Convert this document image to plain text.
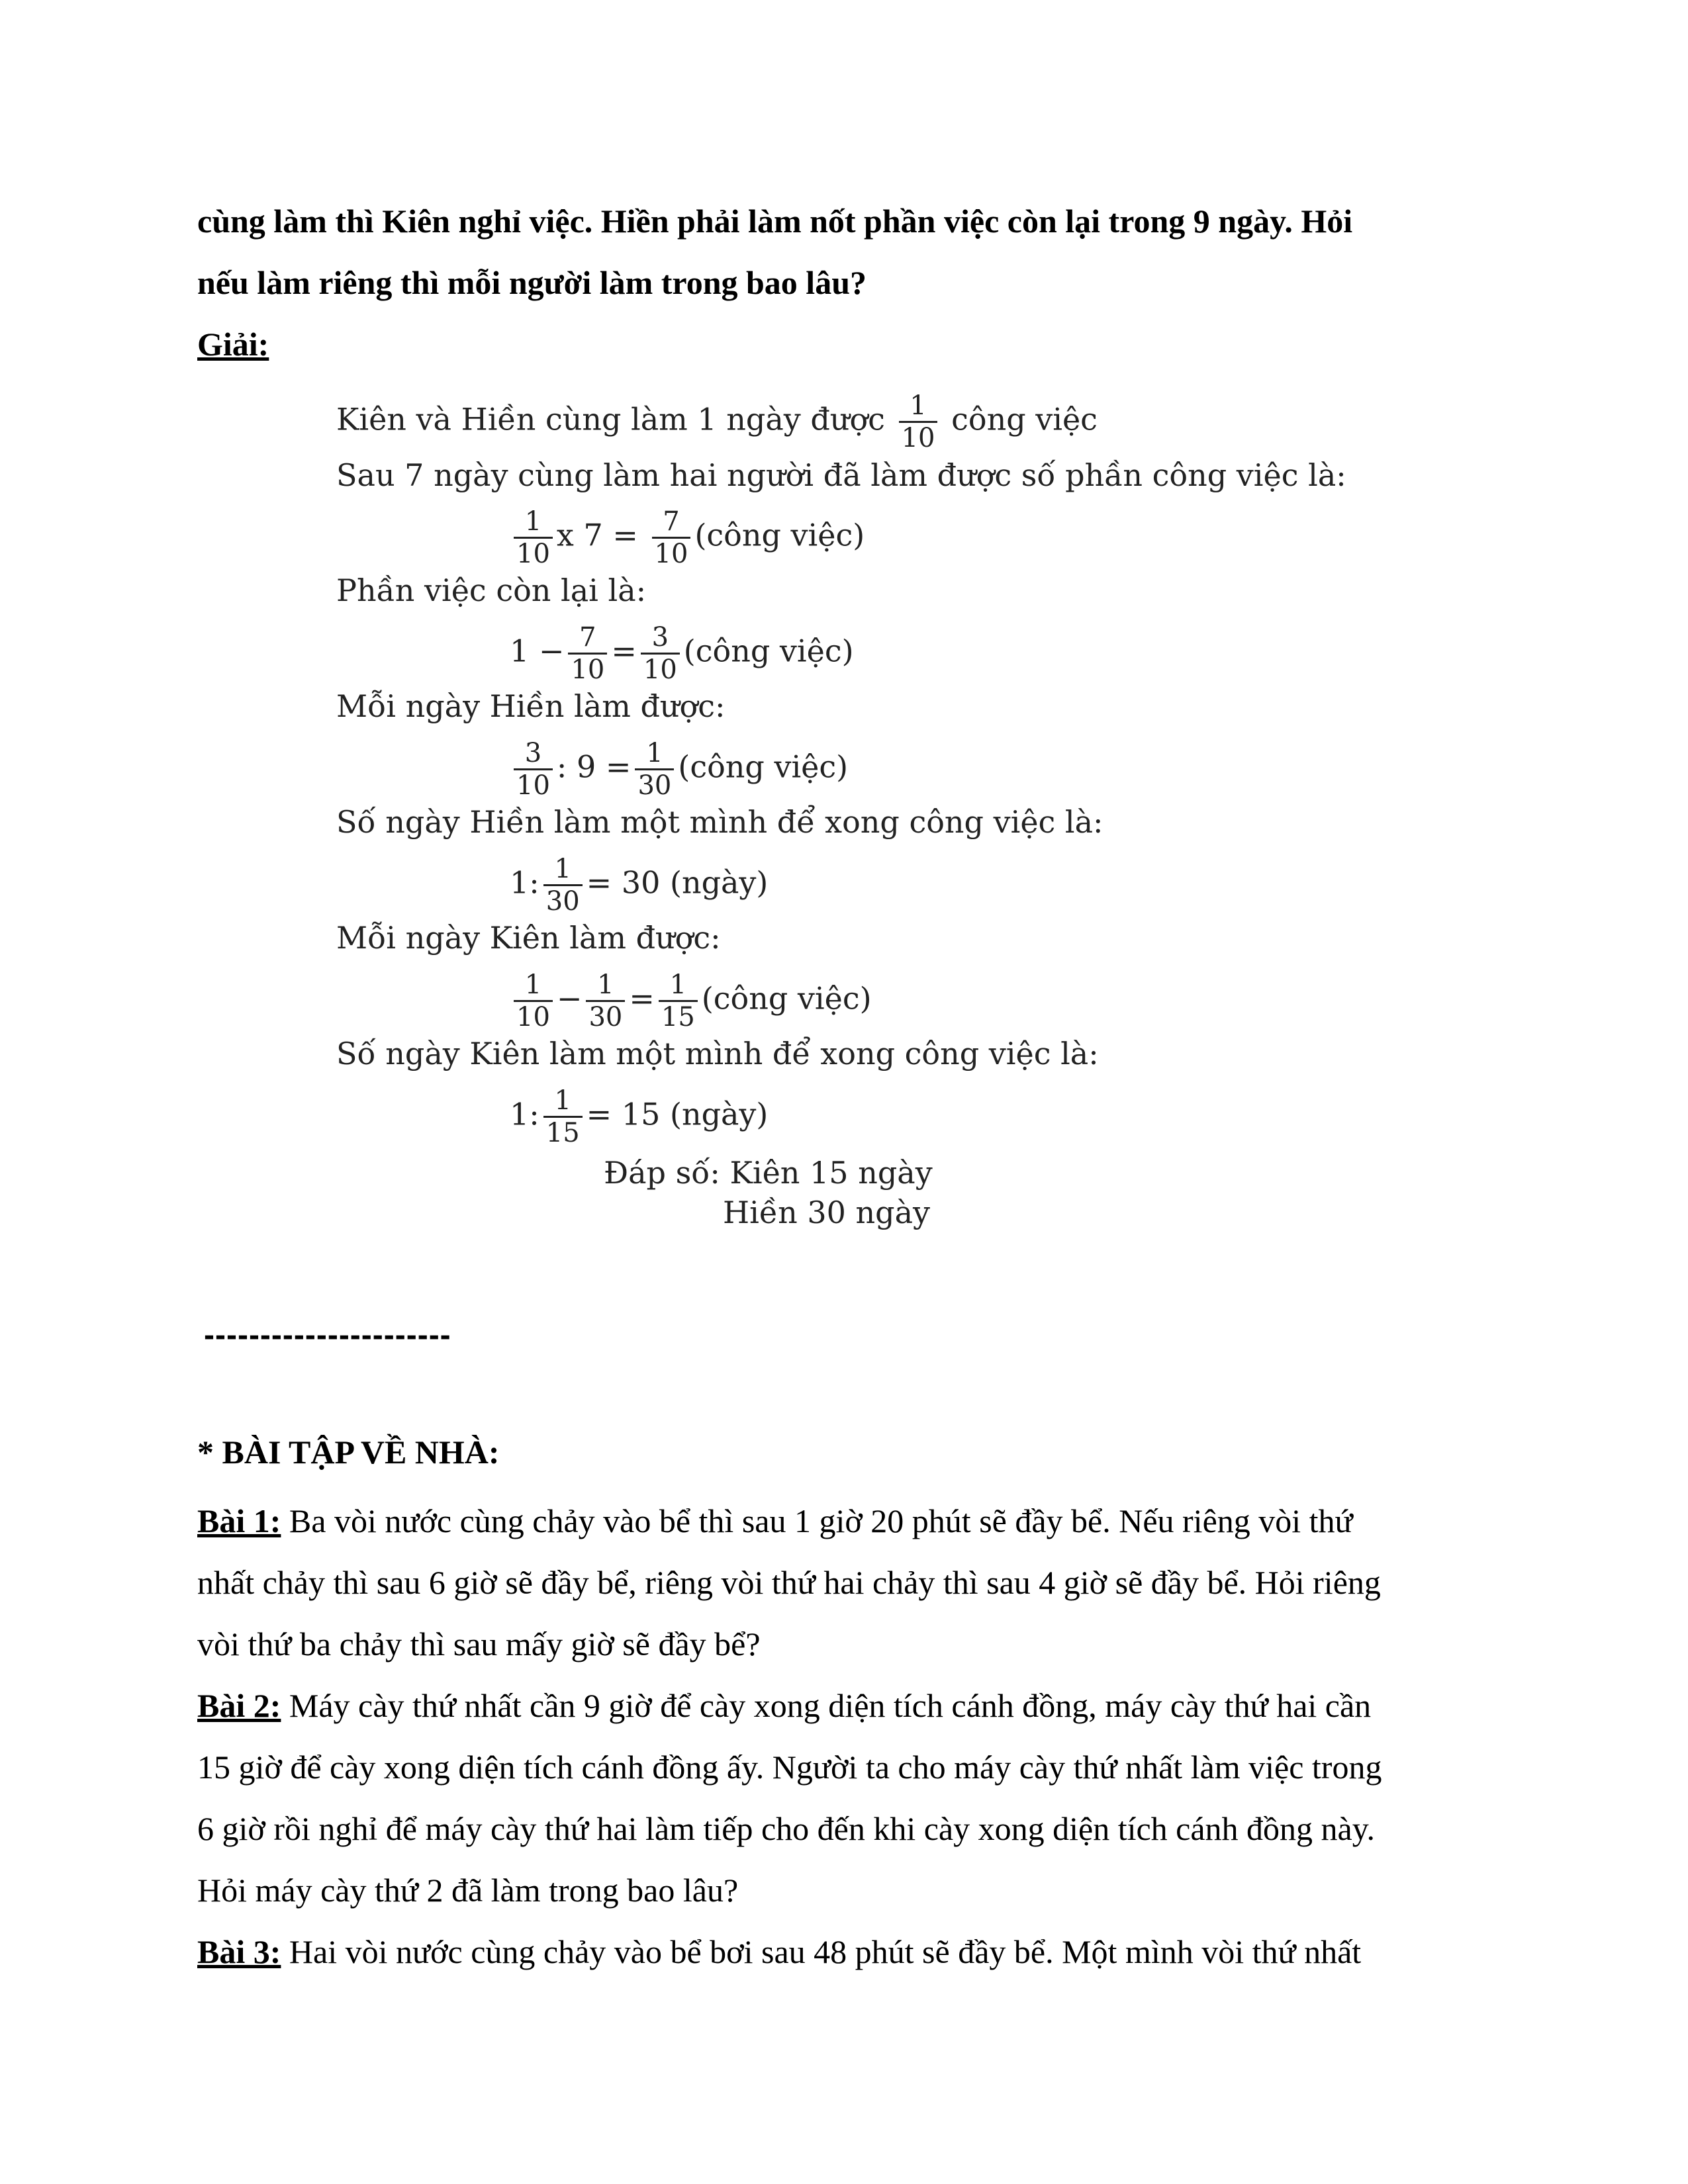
cùng làm thì Kiên nghỉ việc. Hiền phải làm nốt phần việc còn lại trong 9 ngày. Hỏi
nếu làm riêng thì mỗi người làm trong bao lâu?
Giải:
Kiên và Hiền cùng làm 1 ngày được $\frac{1}{10}$ công việc
Sau 7 ngày cùng làm hai người đã làm được số phần công việc là:
$\frac{1}{10}$ x $7 = \frac{7}{10}$ (công việc)
Phần việc còn lại là:
$1 - \frac{7}{10} = \frac{3}{10}$ (công việc)
Mỗi ngày Hiền làm được:
$\frac{3}{10}$ : $9 = \frac{1}{30}$ (công việc)
Số ngày Hiền làm một mình để xong công việc là:
1: $\frac{1}{30} = 30$ (ngày)
Mỗi ngày Kiên làm được:
$\frac{1}{10} - \frac{1}{30} = \frac{1}{15}$ (công việc)
Số ngày Kiên làm một mình để xong công việc là:
1: $\frac{1}{15} = 15$ (ngày)
Đáp số: Kiên 15 ngày
Hiền 30 ngày
----------------------
* BÀI TẬP VỀ NHÀ:
Bài 1: Ba vòi nước cùng chảy vào bể thì sau 1 giờ 20 phút sẽ đầy bể. Nếu riêng vòi thứ
nhất chảy thì sau 6 giờ sẽ đầy bể, riêng vòi thứ hai chảy thì sau 4 giờ sẽ đầy bể. Hỏi riêng
vòi thứ ba chảy thì sau mấy giờ sẽ đầy bể?
Bài 2: Máy cày thứ nhất cần 9 giờ để cày xong diện tích cánh đồng, máy cày thứ hai cần
15 giờ để cày xong diện tích cánh đồng ấy. Người ta cho máy cày thứ nhất làm việc trong
6 giờ rồi nghỉ để máy cày thứ hai làm tiếp cho đến khi cày xong diện tích cánh đồng này.
Hỏi máy cày thứ 2 đã làm trong bao lâu?
Bài 3: Hai vòi nước cùng chảy vào bể bơi sau 48 phút sẽ đầy bể. Một mình vòi thứ nhất
